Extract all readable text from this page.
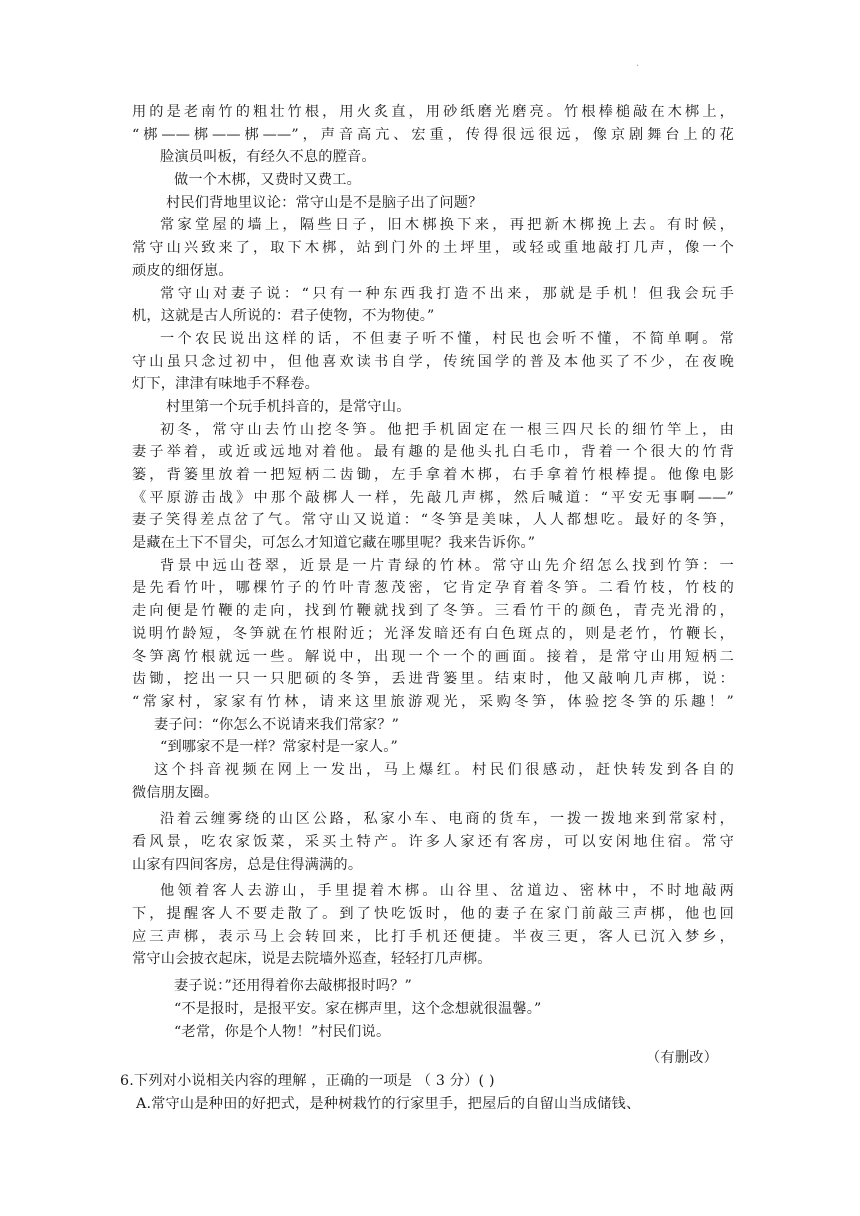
.
用的是老南竹的粗壮竹根，用火炙直，用砂纸磨光磨亮。竹根棒槌敲在木梆上，
“梆——梆——梆——”，声音高亢、宏重，传得很远很远，像京剧舞台上的花
脸演员叫板，有经久不息的膛音。
做一个木梆，又费时又费工。
村民们背地里议论：常守山是不是脑子出了问题？
常家堂屋的墙上，隔些日子，旧木梆换下来，再把新木梆挽上去。有时候，
常守山兴致来了，取下木梆，站到门外的土坪里，或轻或重地敲打几声，像一个
顽皮的细伢崽。
常守山对妻子说：“只有一种东西我打造不出来，那就是手机！但我会玩手
机，这就是古人所说的：君子使物，不为物使。”
一个农民说出这样的话，不但妻子听不懂，村民也会听不懂，不简单啊。常
守山虽只念过初中，但他喜欢读书自学，传统国学的普及本他买了不少，在夜晚
灯下，津津有味地手不释卷。
村里第一个玩手机抖音的，是常守山。
初冬，常守山去竹山挖冬笋。他把手机固定在一根三四尺长的细竹竿上，由
妻子举着，或近或远地对着他。最有趣的是他头扎白毛巾，背着一个很大的竹背
篓，背篓里放着一把短柄二齿锄，左手拿着木梆，右手拿着竹根棒提。他像电影
《平原游击战》中那个敲梆人一样，先敲几声梆，然后喊道：“平安无事啊——”
妻子笑得差点岔了气。常守山又说道：“冬笋是美味，人人都想吃。最好的冬笋，
是藏在土下不冒尖，可怎么才知道它藏在哪里呢？我来告诉你。”
背景中远山苍翠，近景是一片青绿的竹林。常守山先介绍怎么找到竹笋：一
是先看竹叶，哪棵竹子的竹叶青葱茂密，它肯定孕育着冬笋。二看竹枝，竹枝的
走向便是竹鞭的走向，找到竹鞭就找到了冬笋。三看竹干的颜色，青壳光滑的，
说明竹龄短，冬笋就在竹根附近；光泽发暗还有白色斑点的，则是老竹，竹鞭长，
冬笋离竹根就远一些。解说中，出现一个一个的画面。接着，是常守山用短柄二
齿锄，挖出一只一只肥硕的冬笋，丢进背篓里。结束时，他又敲响几声梆，说：
“常家村，家家有竹林，请来这里旅游观光，采购冬笋，体验挖冬笋的乐趣！”
妻子问：“你怎么不说请来我们常家？”
“到哪家不是一样？常家村是一家人。”
这个抖音视频在网上一发出，马上爆红。村民们很感动，赶快转发到各自的
微信朋友圈。
沿着云缠雾绕的山区公路，私家小车、电商的货车，一拨一拨地来到常家村，
看风景，吃农家饭菜，采买土特产。许多人家还有客房，可以安闲地住宿。常守
山家有四间客房，总是住得满满的。
他领着客人去游山，手里提着木梆。山谷里、岔道边、密林中，不时地敲两
下，提醒客人不要走散了。到了快吃饭时，他的妻子在家门前敲三声梆，他也回
应三声梆，表示马上会转回来，比打手机还便捷。半夜三更，客人已沉入梦乡，
常守山会披衣起床，说是去院墙外巡查，轻轻打几声梆。
妻子说：”还用得着你去敲梆报时吗？”
“不是报时，是报平安。家在梆声里，这个念想就很温馨。”
“老常，你是个人物！”村民们说。
（有删改）
6.下列对小说相关内容的理解 ，正确的一项是 （ 3 分）( )
A.常守山是种田的好把式，是种树栽竹的行家里手，把屋后的自留山当成储钱、
